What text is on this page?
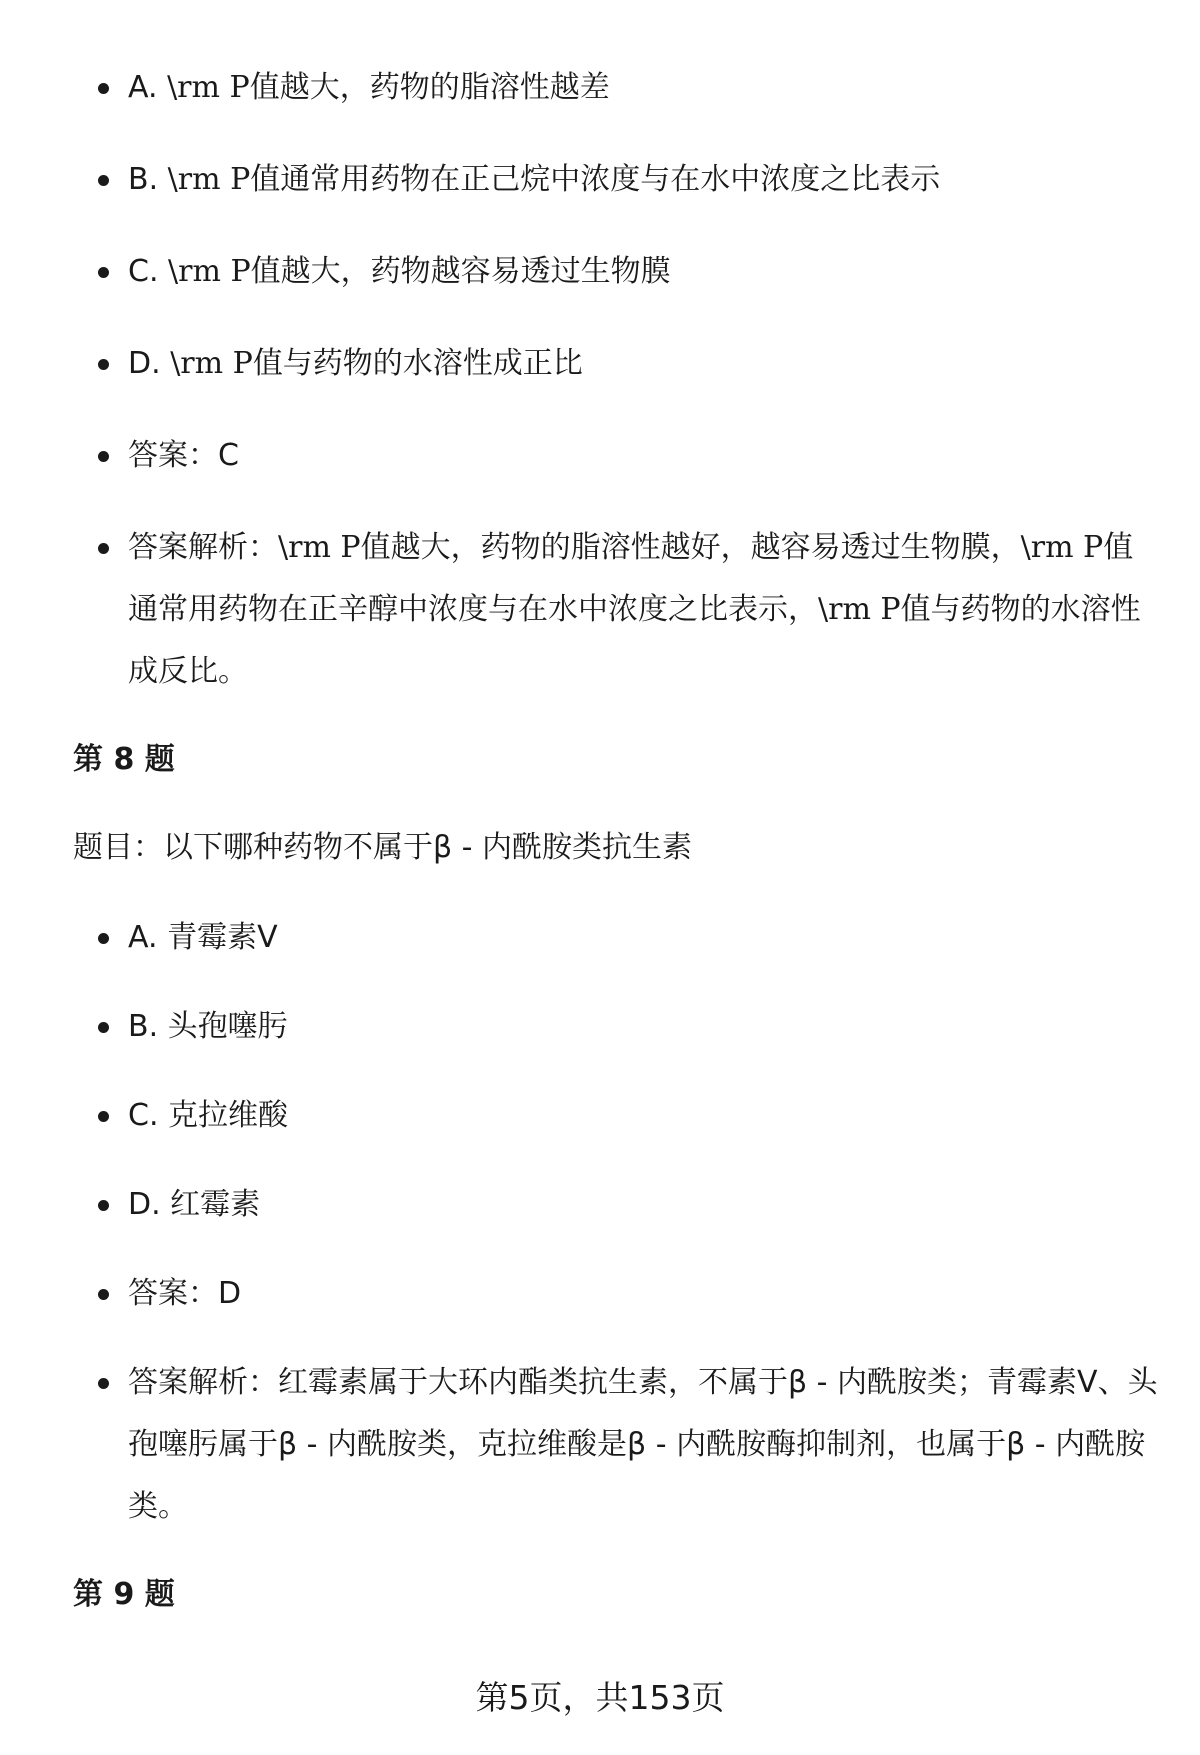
A. \rm P值越大，药物的脂溶性越差
B. \rm P值通常用药物在正己烷中浓度与在水中浓度之比表示
C. \rm P值越大，药物越容易透过生物膜
D. \rm P值与药物的水溶性成正比
答案：C
答案解析：\rm P值越大，药物的脂溶性越好，越容易透过生物膜，\rm P值通常用药物在正辛醇中浓度与在水中浓度之比表示，\rm P值与药物的水溶性成反比。
第 8 题
题目：以下哪种药物不属于β - 内酰胺类抗生素
A. 青霉素V
B. 头孢噻肟
C. 克拉维酸
D. 红霉素
答案：D
答案解析：红霉素属于大环内酯类抗生素，不属于β - 内酰胺类；青霉素V、头孢噻肟属于β - 内酰胺类，克拉维酸是β - 内酰胺酶抑制剂，也属于β - 内酰胺类。
第 9 题
第5页，共153页
